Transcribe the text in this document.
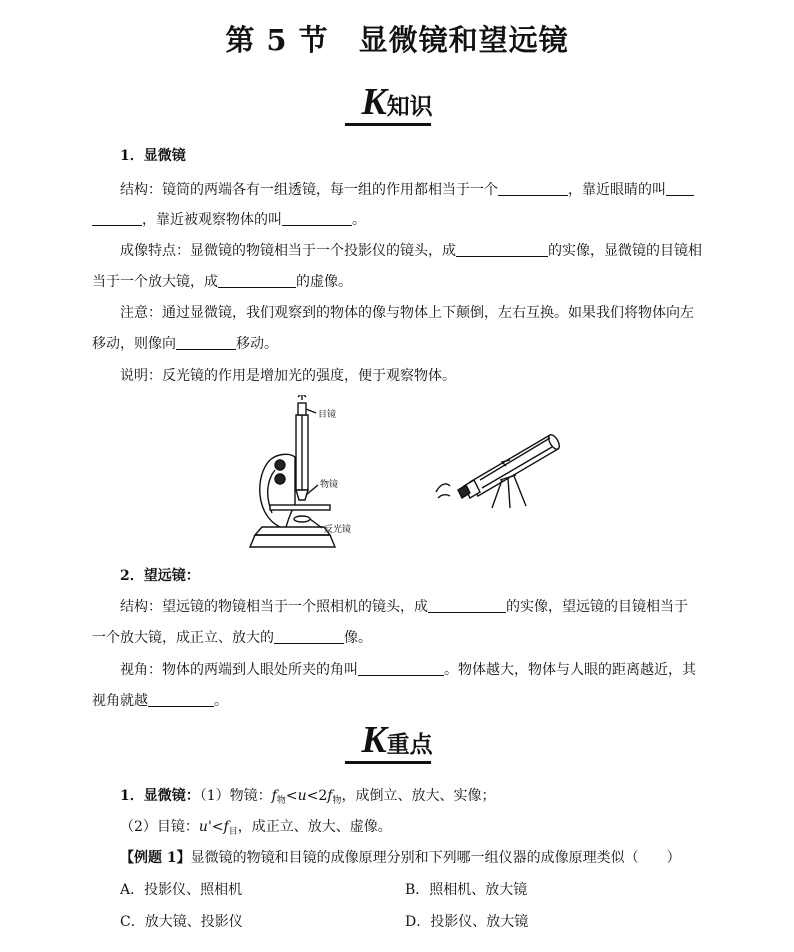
第 5 节　显微镜和望远镜
K知识
1．显微镜
结构：镜筒的两端各有一组透镜，每一组的作用都相当于一个	，靠近眼睛的叫
，靠近被观察物体的叫	。
成像特点：显微镜的物镜相当于一个投影仪的镜头，成	的实像，显微镜的目镜相
当于一个放大镜，成	的虚像。
注意：通过显微镜，我们观察到的物体的像与物体上下颠倒，左右互换。如果我们将物体向左
移动，则像向	移动。
说明：反光镜的作用是增加光的强度，便于观察物体。
目镜
物镜
反光镜
2．望远镜：
结构：望远镜的物镜相当于一个照相机的镜头，成	的实像，望远镜的目镜相当于
一个放大镜，成正立、放大的	像。
视角：物体的两端到人眼处所夹的角叫	。物体越大，物体与人眼的距离越近，其
视角就越	。
K重点
1．显微镜：（1）物镜：$f_物<u<2f_物$，成倒立、放大、实像；
（2）目镜：$u'<f_目$，成正立、放大、虚像。
【例题 1】显微镜的物镜和目镜的成像原理分别和下列哪一组仪器的成像原理类似（　　）
A．投影仪、照相机	B．照相机、放大镜
C．放大镜、投影仪	D．投影仪、放大镜
